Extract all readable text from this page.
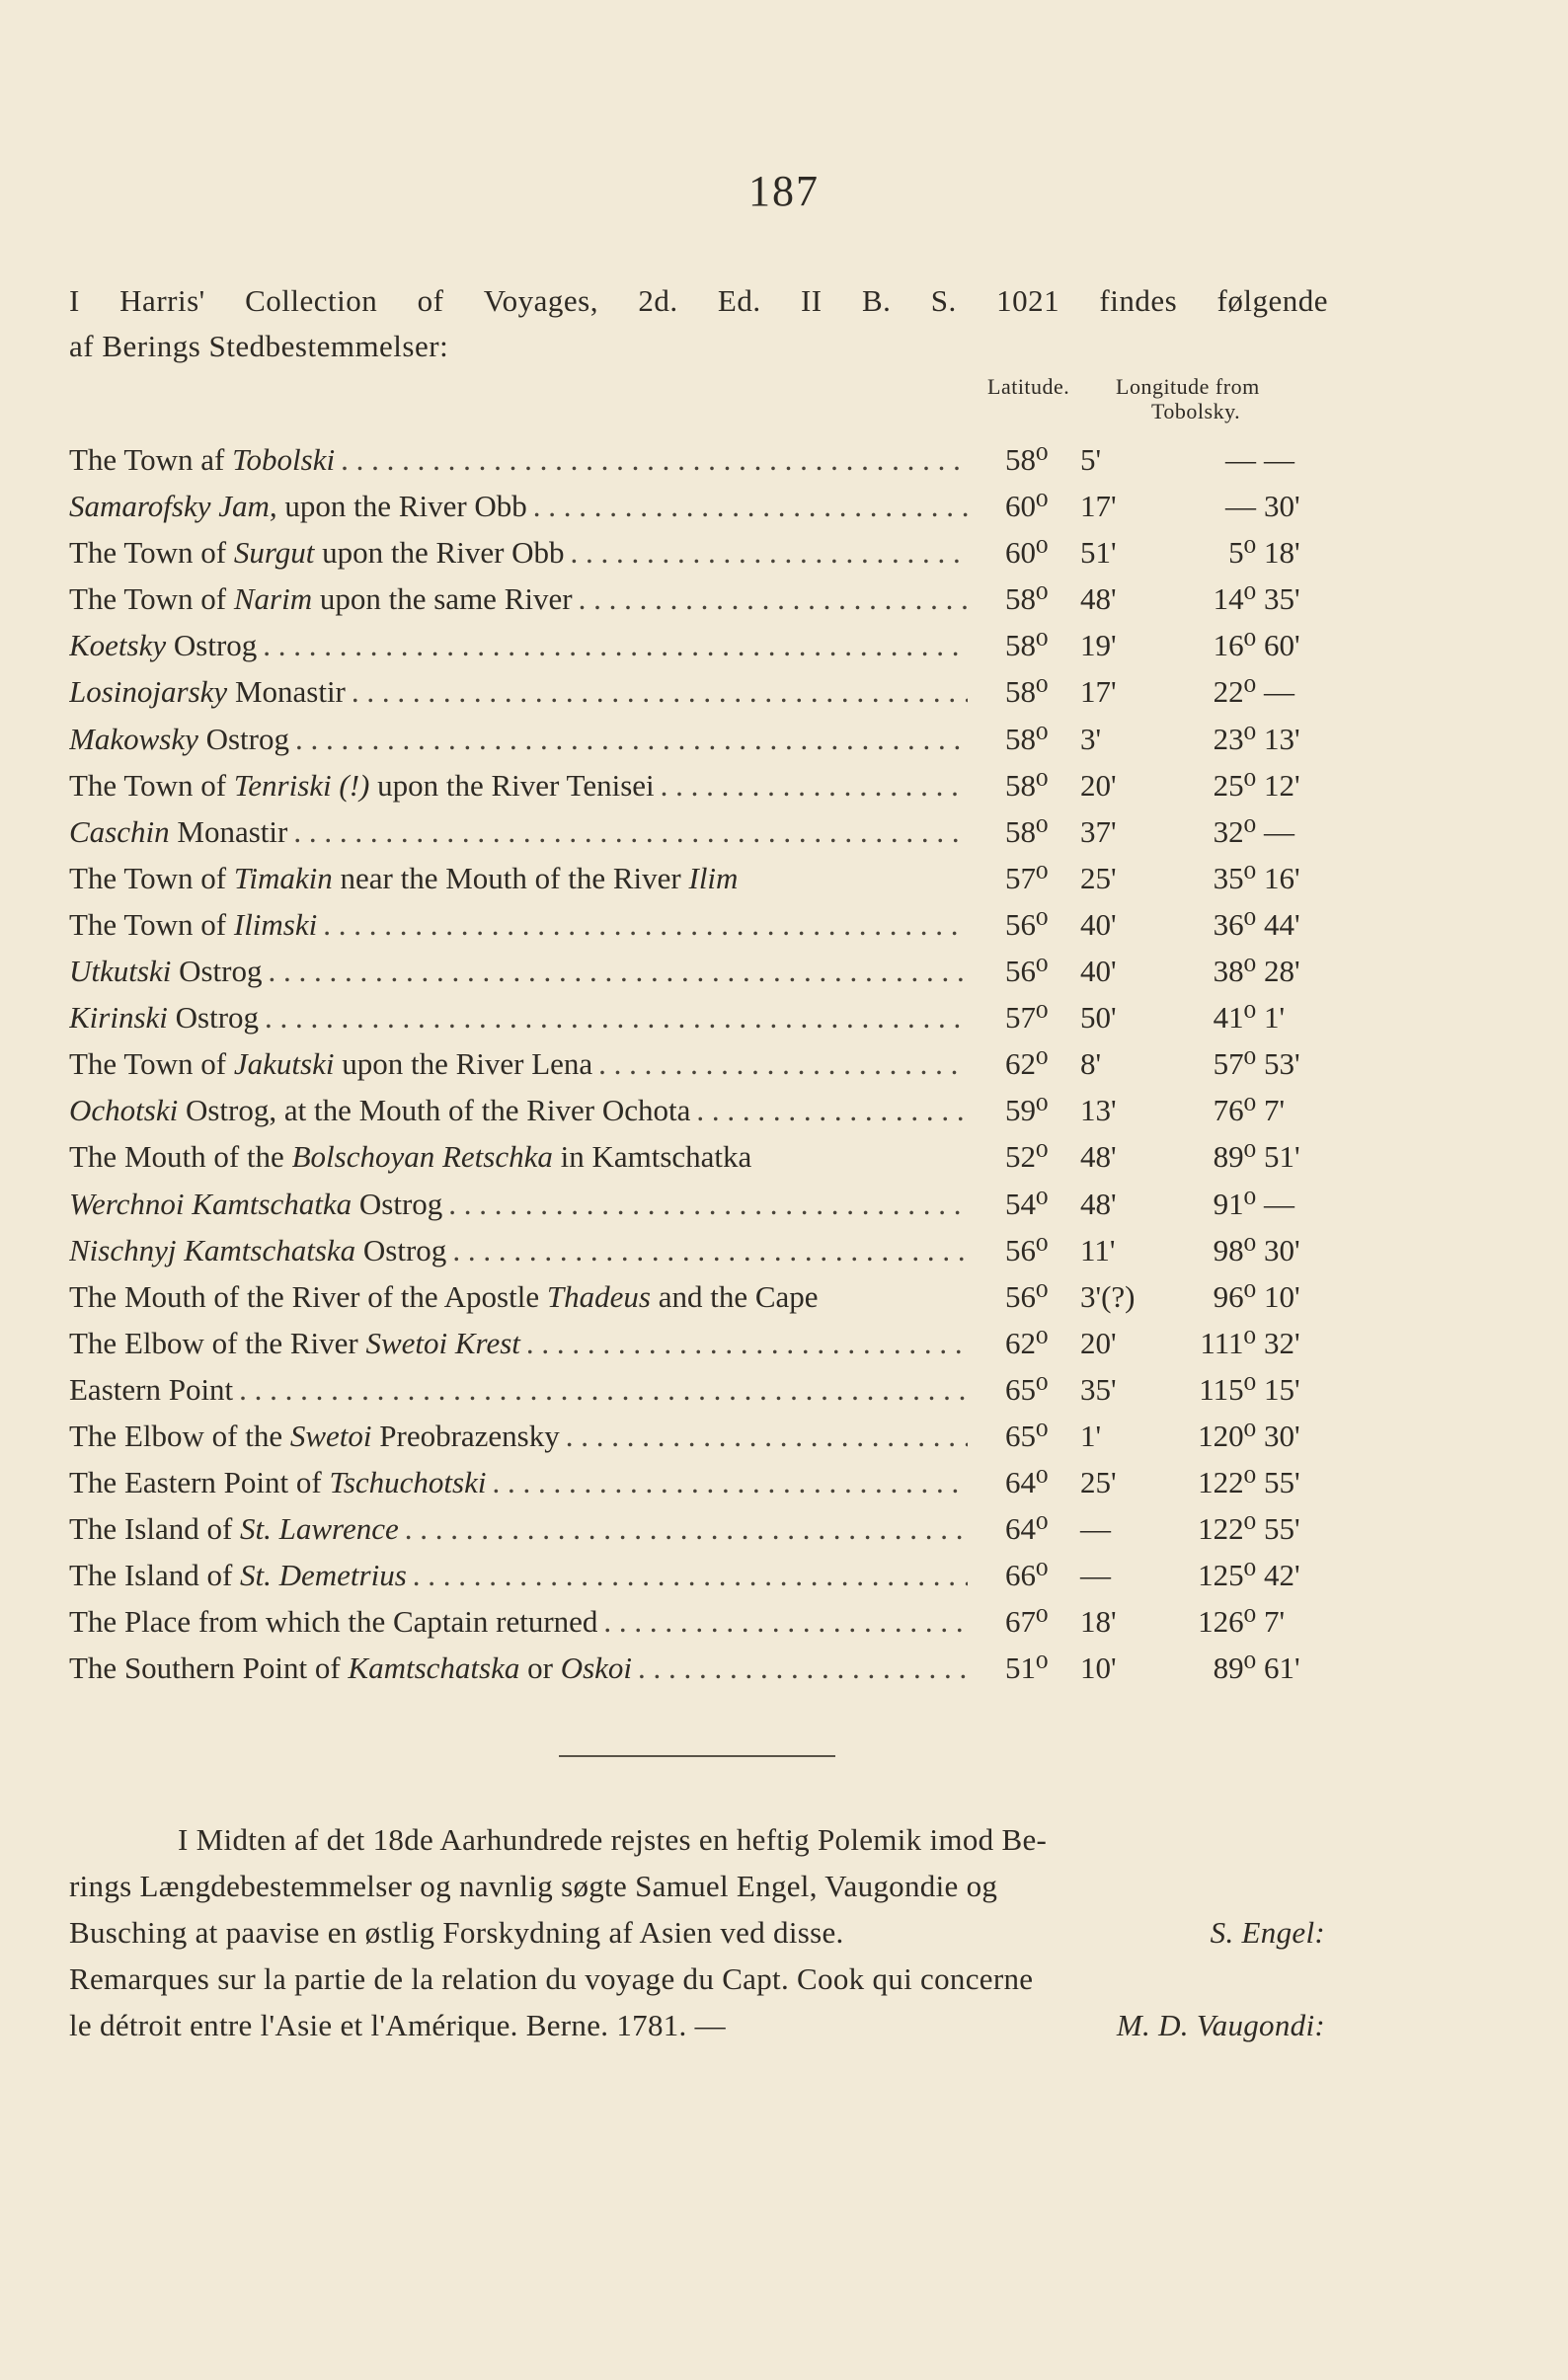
187
I Harris' Collection of Voyages, 2d. Ed. II B. S. 1021 findes følgende
af Berings Stedbestemmelser:
Latitude. Longitude from
Tobolsky.
The Town af Tobolski . . .	58⁰	5'	— —
Samarofsky Jam, upon the River Obb . . .	60⁰	17'	— 30'
The Town of Surgut upon the River Obb . . .	60⁰	51'	5⁰ 18'
The Town of Narim upon the same River . . .	58⁰	48'	14⁰ 35'
Koetsky Ostrog . . .	58⁰	19'	16⁰ 60'
Losinojarsky Monastir . . .	58⁰	17'	22⁰ —
Makowsky Ostrog . . .	58⁰	3'	23⁰ 13'
The Town of Tenriski (!) upon the River Tenisei . . .	58⁰	20'	25⁰ 12'
Caschin Monastir . . .	58⁰	37'	32⁰ —
The Town of Timakin near the Mouth of the River Ilim	57⁰	25'	35⁰ 16'
The Town of Ilimski . . .	56⁰	40'	36⁰ 44'
Utkutski Ostrog . . .	56⁰	40'	38⁰ 28'
Kirinski Ostrog . . .	57⁰	50'	41⁰ 1'
The Town of Jakutski upon the River Lena . . .	62⁰	8'	57⁰ 53'
Ochotski Ostrog, at the Mouth of the River Ochota . . .	59⁰	13'	76⁰ 7'
The Mouth of the Bolschoyan Retschka in Kamtschatka	52⁰	48'	89⁰ 51'
Werchnoi Kamtschatka Ostrog . . .	54⁰	48'	91⁰ —
Nischnyj Kamtschatska Ostrog . . .	56⁰	11'	98⁰ 30'
The Mouth of the River of the Apostle Thadeus and the Cape	56⁰	3'(?)	96⁰ 10'
The Elbow of the River Swetoi Krest . . .	62⁰	20'	111⁰ 32'
Eastern Point . . .	65⁰	35'	115⁰ 15'
The Elbow of the Swetoi Preobrazensky . . .	65⁰	1'	120⁰ 30'
The Eastern Point of Tschuchotski . . .	64⁰	25'	122⁰ 55'
The Island of St. Lawrence . . .	64⁰	—	122⁰ 55'
The Island of St. Demetrius . . .	66⁰	—	125⁰ 42'
The Place from which the Captain returned . . .	67⁰	18'	126⁰ 7'
The Southern Point of Kamtschatska or Oskoi . . .	51⁰	10'	89⁰ 61'
I Midten af det 18de Aarhundrede rejstes en heftig Polemik imod Be-
rings Længdebestemmelser og navnlig søgte Samuel Engel, Vaugondie og
Busching at paavise en østlig Forskydning af Asien ved disse.	S. Engel:
Remarques sur la partie de la relation du voyage du Capt. Cook qui concerne
le détroit entre l'Asie et l'Amérique. Berne. 1781. —	M. D. Vaugondi:
